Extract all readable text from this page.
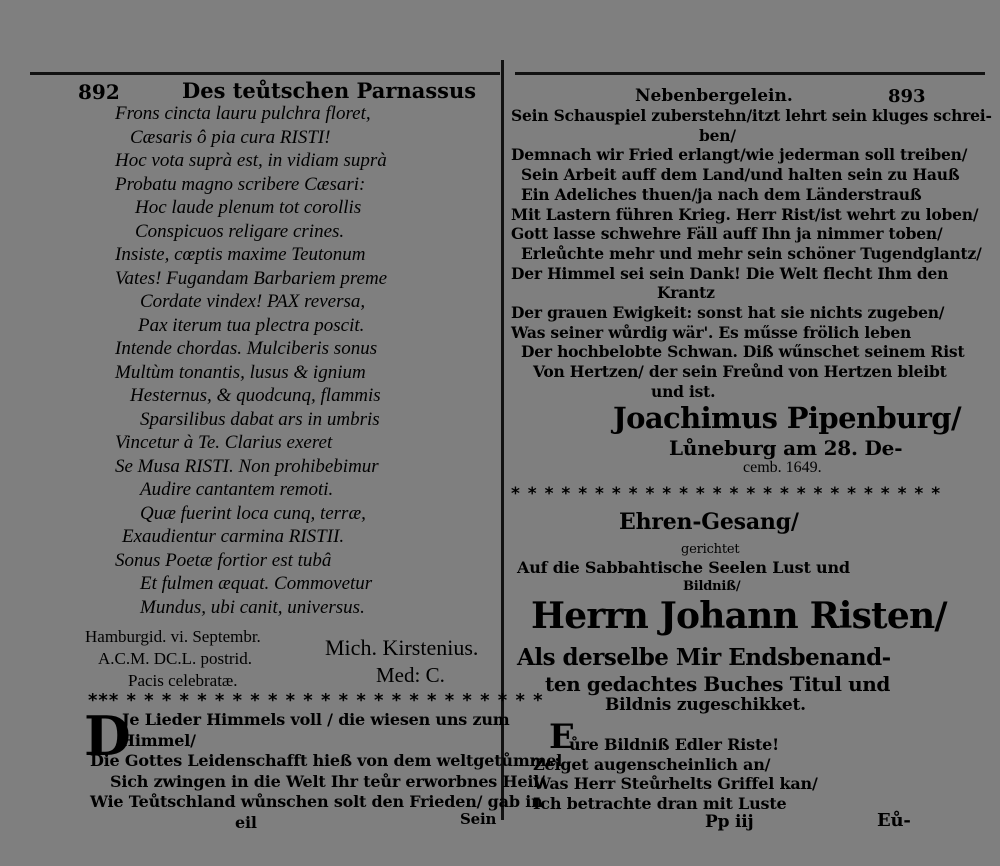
892	Des teůtschen Parnassus
Frons cincta lauru pulchra floret,
Cæsaris ô pia cura RISTI!
Hoc vota suprà est, in vidiam suprà
Probatu magno scribere Cæsari:
Hoc laude plenum tot corollis
Conspicuos religare crines.
Insiste, cœptis maxime Teutonum
Vates! Fugandam Barbariem preme
Cordate vindex! PAX reversa,
Pax iterum tua plectra poscit.
Intende chordas. Mulciberis sonus
Multùm tonantis, lusus & ignium
Hesternus, & quodcunq, flammis
Sparsilibus dabat ars in umbris
Vincetur à Te. Clarius exeret
Se Musa RISTI. Non prohibebimur
Audire cantantem remoti.
Quæ fuerint loca cunq, terræ,
Exaudientur carmina RISTII.
Sonus Poetæ fortior est tubâ
Et fulmen æquat. Commovetur
Mundus, ubi canit, universus.
Hamburgid. vi. Septembr.
A.C.M. DC.L. postrid.
Pacis celebratæ.
Mich. Kirstenius.
Med: C.
*** * * * * * * * * * * * * * * * * * * * * * * * *
D
Je Lieder Himmels voll / die wiesen uns zum
Himmel/
Die Gottes Leidenschafft hieß von dem weltgetůmmel
Sich zwingen in die Welt Ihr teůr erworbnes Heil/
Wie Teůtschland wůnschen solt den Frieden/ gab in
eil	Sein
Nebenbergelein.	893
Sein Schauspiel zuberstehn/itzt lehrt sein kluges schrei-
ben/
Demnach wir Fried erlangt/wie jederman soll treiben/
Sein Arbeit auff dem Land/und halten sein zu Hauß
Ein Adeliches thuen/ja nach dem Länderstrauß
Mit Lastern führen Krieg. Herr Rist/ist wehrt zu loben/
Gott lasse schwehre Fäll auff Ihn ja nimmer toben/
Erleůchte mehr und mehr sein schöner Tugendglantz/
Der Himmel sei sein Dank! Die Welt flecht Ihm den
Krantz
Der grauen Ewigkeit: sonst hat sie nichts zugeben/
Was seiner wůrdig wär'. Es műsse frölich leben
Der hochbelobte Schwan. Diß wűnschet seinem Rist
Von Hertzen/ der sein Freůnd von Hertzen bleibt
und ist.
Joachimus Pipenburg/
Lůneburg am 28. De-
cemb. 1649.
* * * * * * * * * * * * * * * * * * * * * * * * * *
Ehren-Gesang/
gerichtet
Auf die Sabbahtische Seelen Lust und
Bildniß/
Herrn Johann Risten/
Als derselbe Mir Endsbenand-
ten gedachtes Buches Titul und
Bildnis zugeschikket.
E
ůre Bildniß Edler Riste!
Zeiget augenscheinlich an/
Was Herr Steůrhelts Griffel kan/
Ich betrachte dran mit Luste
Pp iij	Eů-
